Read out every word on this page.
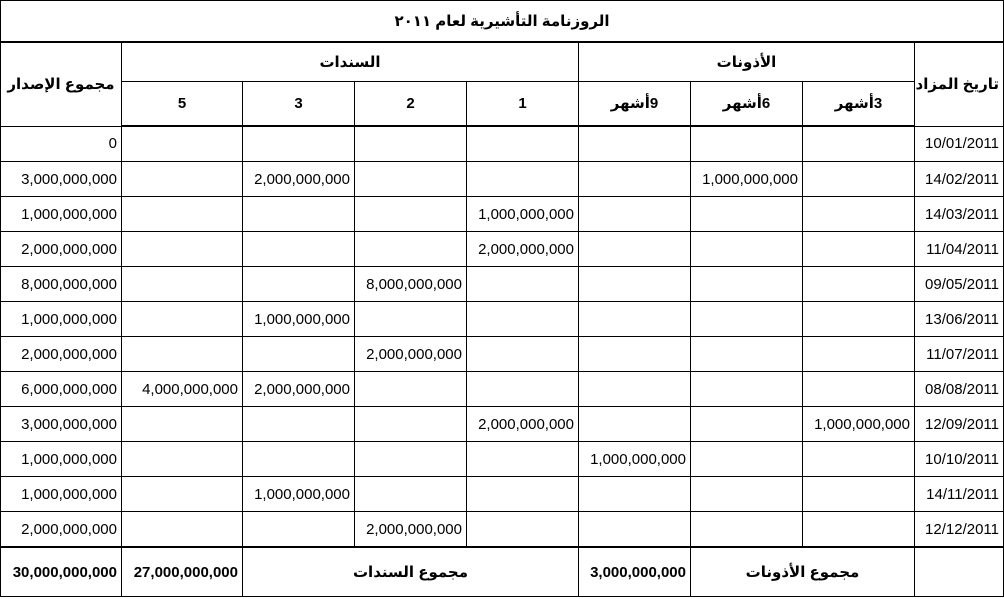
الروزنامة التأشيرية لعام ٢٠١١								
مجموع الإصدار	السندات				الأذونات			تاريخ المزاد
	5	3	2	1	9أشهر	6أشهر	3أشهر	
0								10/01/2011
3,000,000,000		2,000,000,000				1,000,000,000		14/02/2011
1,000,000,000				1,000,000,000				14/03/2011
2,000,000,000				2,000,000,000				11/04/2011
8,000,000,000			8,000,000,000					09/05/2011
1,000,000,000		1,000,000,000						13/06/2011
2,000,000,000			2,000,000,000					11/07/2011
6,000,000,000	4,000,000,000	2,000,000,000						08/08/2011
3,000,000,000				2,000,000,000			1,000,000,000	12/09/2011
1,000,000,000					1,000,000,000			10/10/2011
1,000,000,000		1,000,000,000						14/11/2011
2,000,000,000			2,000,000,000					12/12/2011
30,000,000,000	27,000,000,000	مجموع السندات			3,000,000,000	مجموع الأذونات		
